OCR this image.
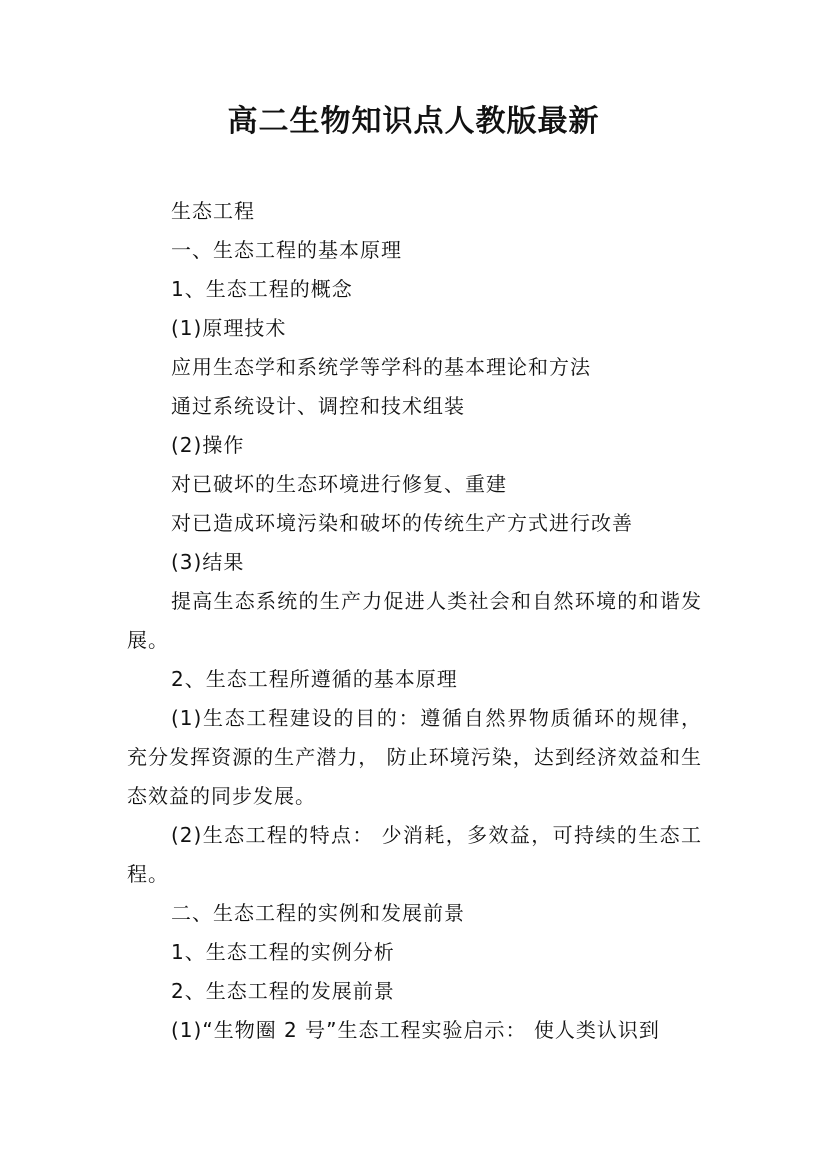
高二生物知识点人教版最新

生态工程

一、生态工程的基本原理

1、生态工程的概念

(1)原理技术

应用生态学和系统学等学科的基本理论和方法

通过系统设计、调控和技术组装

(2)操作

对已破坏的生态环境进行修复、重建

对已造成环境污染和破坏的传统生产方式进行改善

(3)结果

提高生态系统的生产力促进人类社会和自然环境的和谐发展。

2、生态工程所遵循的基本原理

(1)生态工程建设的目的：遵循自然界物质循环的规律，充分发挥资源的生产潜力， 防止环境污染，达到经济效益和生态效益的同步发展。

(2)生态工程的特点： 少消耗，多效益，可持续的生态工程。

二、生态工程的实例和发展前景

1、生态工程的实例分析

2、生态工程的发展前景

(1)“生物圈 2 号”生态工程实验启示： 使人类认识到
